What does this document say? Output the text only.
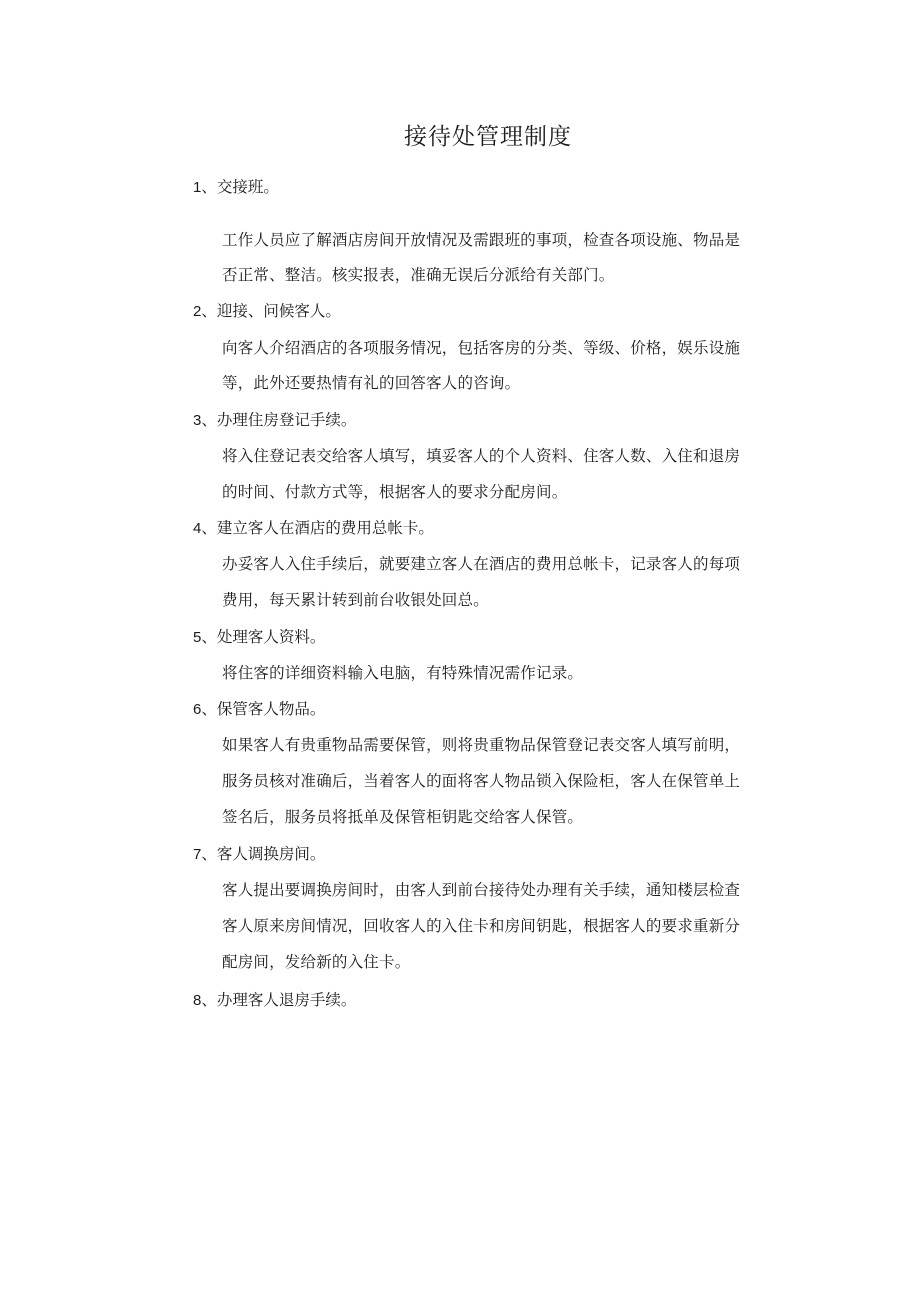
接待处管理制度
1、交接班。
工作人员应了解酒店房间开放情况及需跟班的事项，检查各项设施、物品是
否正常、整洁。核实报表，准确无误后分派给有关部门。
2、迎接、问候客人。
向客人介绍酒店的各项服务情况，包括客房的分类、等级、价格，娱乐设施
等，此外还要热情有礼的回答客人的咨询。
3、办理住房登记手续。
将入住登记表交给客人填写，填妥客人的个人资料、住客人数、入住和退房
的时间、付款方式等，根据客人的要求分配房间。
4、建立客人在酒店的费用总帐卡。
办妥客人入住手续后，就要建立客人在酒店的费用总帐卡，记录客人的每项
费用，每天累计转到前台收银处回总。
5、处理客人资料。
将住客的详细资料输入电脑，有特殊情况需作记录。
6、保管客人物品。
如果客人有贵重物品需要保管，则将贵重物品保管登记表交客人填写前明，
服务员核对准确后，当着客人的面将客人物品锁入保险柜，客人在保管单上
签名后，服务员将抵单及保管柜钥匙交给客人保管。
7、客人调换房间。
客人提出要调换房间时，由客人到前台接待处办理有关手续，通知楼层检查
客人原来房间情况，回收客人的入住卡和房间钥匙，根据客人的要求重新分
配房间，发给新的入住卡。
8、办理客人退房手续。
